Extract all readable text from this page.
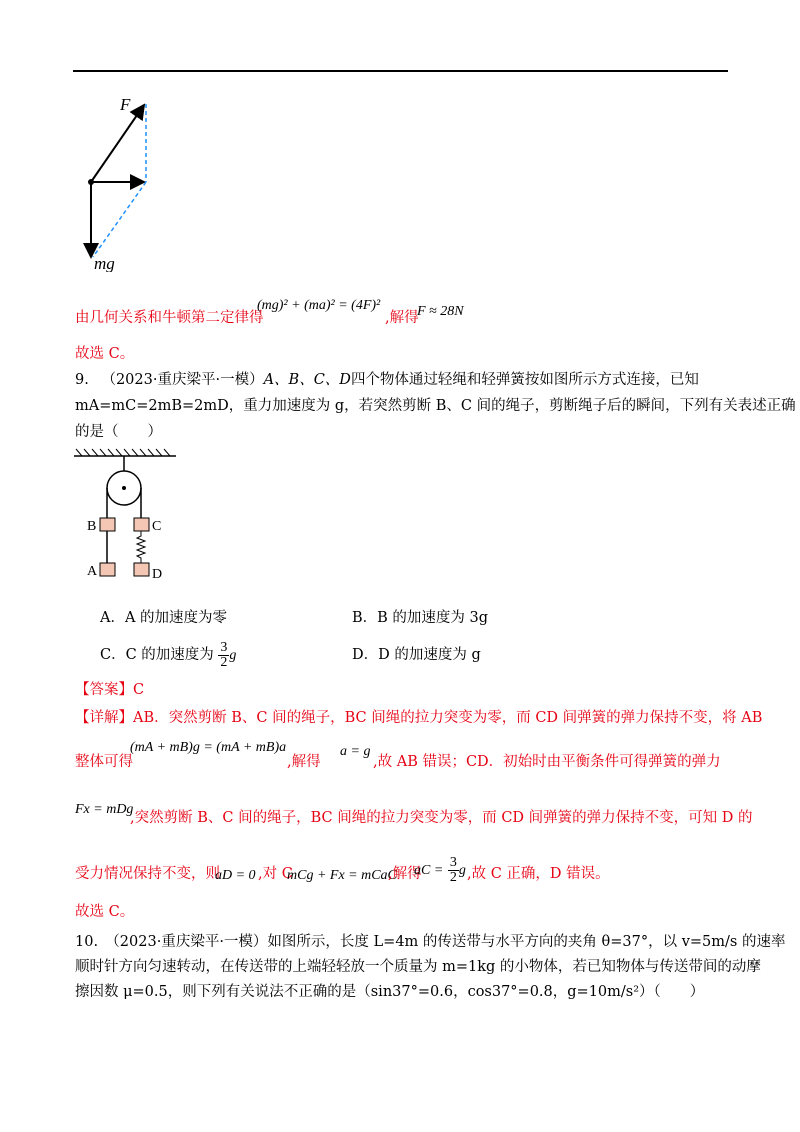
F
mg
由几何关系和牛顿第二定律得
(mg)² + (ma)² = (4F)²
,解得
F ≈ 28N
故选 C。
9. （2023·重庆梁平·一模）A、B、C、D四个物体通过轻绳和轻弹簧按如图所示方式连接，已知
mA=mC=2mB=2mD，重力加速度为 g，若突然剪断 B、C 间的绳子，剪断绳子后的瞬间，下列有关表述正确
的是（　　）
B	C
A	D
A．A 的加速度为零	B．B 的加速度为 3g
C．C 的加速度为 $\frac{3}{2}$ g	D．D 的加速度为 g
【答案】C
【详解】AB．突然剪断 B、C 间的绳子，BC 间绳的拉力突变为零，而 CD 间弹簧的弹力保持不变，将 AB
整体可得
(mA + mB)g = (mA + mB)a
,解得
a = g
,故 AB 错误；CD．初始时由平衡条件可得弹簧的弹力
Fx = mDg
,突然剪断 B、C 间的绳子，BC 间绳的拉力突变为零，而 CD 间弹簧的弹力保持不变，可知 D 的
受力情况保持不变，则
aD = 0 ,对 C
mCg + Fx = mCaC
,解得
aC = $\frac{3}{2}$ g ,故 C 正确，D 错误。
故选 C。
10.　（2023·重庆梁平·一模）如图所示，长度 L=4m 的传送带与水平方向的夹角 θ=37°，以 v=5m/s 的速率
顺时针方向匀速转动，在传送带的上端轻轻放一个质量为 m=1kg 的小物体，若已知物体与传送带间的动摩
擦因数 μ=0.5，则下列有关说法不正确的是（sin37°=0.6，cos37°=0.8，g=10m/s²）（　　）
